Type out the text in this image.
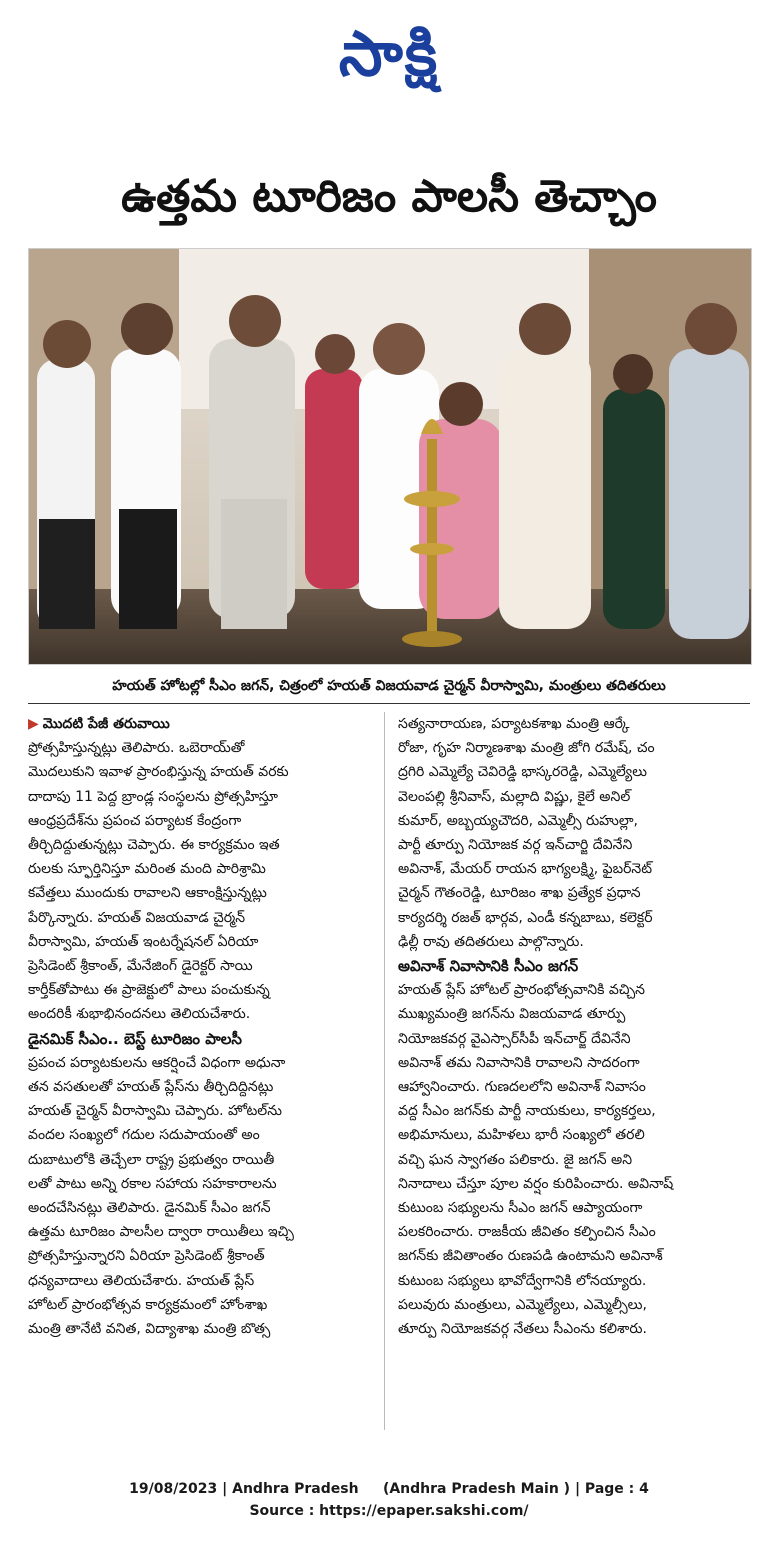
సాక్షి
ఉత్తమ టూరిజం పాలసీ తెచ్చాం
హయత్ హోటల్లో సీఎం జగన్, చిత్రంలో హయత్ విజయవాడ చైర్మన్ వీరాస్వామి, మంత్రులు తదితరులు
▶ మొదటి పేజీ తరువాయి
ప్రోత్సహిస్తున్నట్లు తెలిపారు. ఒబెరాయ్‌తో
మొదలుకుని ఇవాళ ప్రారంభిస్తున్న హయత్ వరకు
దాదాపు 11 పెద్ద బ్రాండ్ల సంస్థలను ప్రోత్సహిస్తూ
ఆంధ్రప్రదేశ్‌ను ప్రపంచ పర్యాటక కేంద్రంగా
తీర్చిదిద్దుతున్నట్లు చెప్పారు. ఈ కార్యక్రమం ఇత
రులకు స్ఫూర్తినిస్తూ మరింత మంది పారిశ్రామి
కవేత్తలు ముందుకు రావాలని ఆకాంక్షిస్తున్నట్లు
పేర్కొన్నారు. హయత్ విజయవాడ చైర్మన్
వీరాస్వామి, హయత్ ఇంటర్నేషనల్ ఏరియా
ప్రెసిడెంట్ శ్రీకాంత్, మేనేజింగ్ డైరెక్టర్ సాయి
కార్తీక్‌తోపాటు ఈ ప్రాజెక్టులో పాలు పంచుకున్న
అందరికీ శుభాభినందనలు తెలియచేశారు.
డైనమిక్ సీఎం.. బెస్ట్ టూరిజం పాలసీ
ప్రపంచ పర్యాటకులను ఆకర్షించే విధంగా అధునా
తన వసతులతో హయత్ ప్లేస్‌ను తీర్చిదిద్దినట్లు
హయత్ చైర్మన్ వీరాస్వామి చెప్పారు. హోటల్‌ను
వందల సంఖ్యలో గదుల సదుపాయంతో అం
దుబాటులోకి తెచ్చేలా రాష్ట్ర ప్రభుత్వం రాయితీ
లతో పాటు అన్ని రకాల సహాయ సహకారాలను
అందచేసినట్లు తెలిపారు. డైనమిక్ సీఎం జగన్
ఉత్తమ టూరిజం పాలసీల ద్వారా రాయితీలు ఇచ్చి
ప్రోత్సహిస్తున్నారని ఏరియా ప్రెసిడెంట్ శ్రీకాంత్
ధన్యవాదాలు తెలియచేశారు. హయత్ ప్లేస్
హోటల్ ప్రారంభోత్సవ కార్యక్రమంలో హోంశాఖ
మంత్రి తానేటి వనిత, విద్యాశాఖ మంత్రి బొత్స
సత్యనారాయణ, పర్యాటకశాఖ మంత్రి ఆర్కే
రోజా, గృహ నిర్మాణశాఖ మంత్రి జోగి రమేష్, చం
ద్రగిరి ఎమ్మెల్యే చెవిరెడ్డి భాస్కరరెడ్డి, ఎమ్మెల్యేలు
వెలంపల్లి శ్రీనివాస్, మల్లాది విష్ణు, కైలే అనిల్
కుమార్, అబ్బయ్యచౌదరి, ఎమ్మెల్సీ రుహుల్లా,
పార్టీ తూర్పు నియోజక వర్గ ఇన్‌చార్జి దేవినేని
అవినాశ్, మేయర్ రాయన భాగ్యలక్ష్మి, ఫైబర్‌నెట్
చైర్మన్ గౌతంరెడ్డి, టూరిజం శాఖ ప్రత్యేక ప్రధాన
కార్యదర్శి రజత్ భార్గవ, ఎండీ కన్నబాబు, కలెక్టర్
ఢిల్లీ రావు తదితరులు పాల్గొన్నారు.
అవినాశ్ నివాసానికి సీఎం జగన్
హయత్ ప్లేస్ హోటల్ ప్రారంభోత్సవానికి వచ్చిన
ముఖ్యమంత్రి జగన్‌ను విజయవాడ తూర్పు
నియోజకవర్గ వైఎస్సార్‌సీపీ ఇన్‌చార్జ్ దేవినేని
అవినాశ్ తమ నివాసానికి రావాలని సాదరంగా
ఆహ్వానించారు. గుణదలలోని అవినాశ్ నివాసం
వద్ద సీఎం జగన్‌కు పార్టీ నాయకులు, కార్యకర్తలు,
అభిమానులు, మహిళలు భారీ సంఖ్యలో తరలి
వచ్చి ఘన స్వాగతం పలికారు. జై జగన్ అని
నినాదాలు చేస్తూ పూల వర్షం కురిపించారు. అవినాష్
కుటుంబ సభ్యులను సీఎం జగన్ ఆప్యాయంగా
పలకరించారు. రాజకీయ జీవితం కల్పించిన సీఎం
జగన్‌కు జీవితాంతం రుణపడి ఉంటామని అవినాశ్
కుటుంబ సభ్యులు భావోద్వేగానికి లోనయ్యారు.
పలువురు మంత్రులు, ఎమ్మెల్యేలు, ఎమ్మెల్సీలు,
తూర్పు నియోజకవర్గ నేతలు సీఎంను కలిశారు.
19/08/2023 | Andhra Pradesh     (Andhra Pradesh Main ) | Page : 4
Source : https://epaper.sakshi.com/
